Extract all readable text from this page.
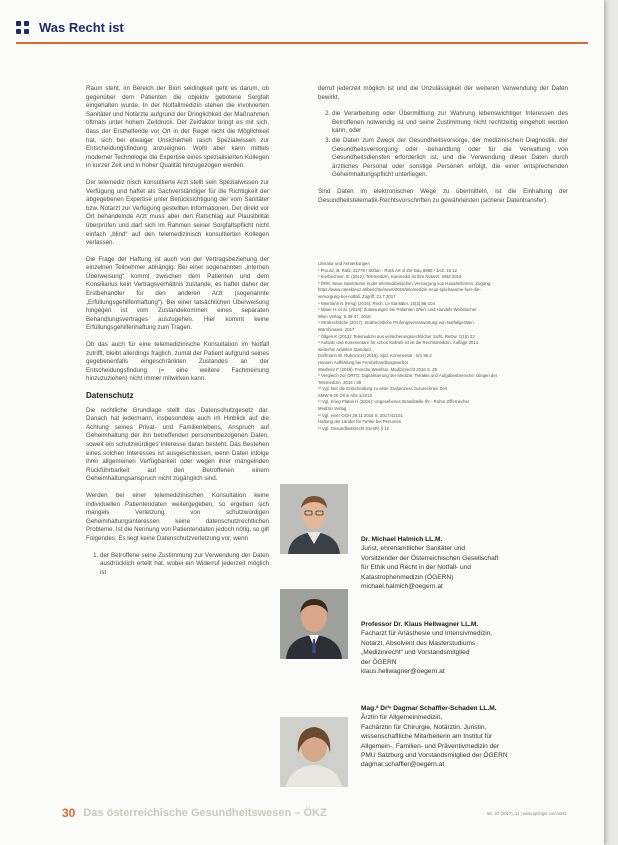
Was Recht ist

Raum steht, im Bereich der Bioh seidingkeit geht es darum, ob gegenüber dem Patienten die objektiv gebotene Sorgfalt eingehalten wurde. In der Notfallmedizin stehen die involvierten Sanitäter und Notärzte aufgrund der Dringlichkeit der Maßnahmen oftmals unter hohem Zeitdruck. Der Zeitfaktor bringt es mit sich, dass der Ersthelfende vor Ort in der Regel nicht die Möglichkeit hat, sich bei etwaiger Unsicherheit rasch Spezialwissen zur Entscheidungsfindung anzueignen. Wohl aber kann mittels moderner Technologie die Expertise eines spezialisierten Kollegen in kurzer Zeit und in hoher Qualität hinzugezogen werden.

Der telemediz nisch konsultierte Arzt stellt sein Spezialwissen zur Verfügung und haftet als Sachverständiger für die Richtigkeit der abgegebenen Expertise unter Berücksichtigung der vom Sanitäter bzw. Notarzt zur Verfügung gestellten Informationen. Der direkt vor Ort behandelnde Arzt muss aber den Ratschlag auf Plausibilität überprüfen und darf sich im Rahmen seiner Sorgfaltspflicht nicht einfach „blind“ auf den telemedizinisch konsultierten Kollegen verlassen.

Die Frage der Haftung ist auch von der Vertragsbeziehung der einzelnen Teilnehmer abhängig. Bei einer sogenannten „internen Überweisung“ kommt zwischen dem Patienten und dem Konsiliarius kein Vertragsverhältnis zustande, es haftet daher der Erstbehandler für den anderen Arzt (sogenannte „Erfüllungsgehilfenhaftung“). Bei einer tatsächlichen Überweisung hingegen ist vom Zustandekommen eines separaten Behandlungsvertrages auszugehen. Hier kommt keine Erfüllungsgehilfenhaftung zum Tragen.

Ob das auch für eine telemedizinische Konsultation im Notfall zutrifft, bleibt allerdings fraglich, zumal der Patient aufgrund seines gegebenenfalls eingeschränkten Zustandes an der Entscheidungsfindung (= eine weitere Fachmeinung hinzuzuziehen) nicht immer mitwirken kann.

Datenschutz

Die rechtliche Grundlage stellt das Datenschutzgesetz dar. Danach hat jedermann, insbesondere auch im Hinblick auf die Achtung seines Privat- und Familienlebens, Anspruch auf Geheimhaltung der ihn betreffenden personenbezogenen Daten, soweit ein schutzwürdiges Interesse daran besteht. Das Bestehen eines solchen Interesses ist ausgeschlossen, wenn Daten infolge ihrer allgemeinen Verfügbarkeit oder wegen ihrer mangelnden Rückführbarkeit auf den Betroffenen einem Geheimhaltungsanspruch nicht zugänglich sind.

Werden bei einer telemedizinischen Konsultation keine individuellen Patientendaten weitergegeben, so ergeben sich mangels Verletzung von schutzwürdigen Geheimhaltungsinteressen keine datenschutzrechtlichen Probleme. Ist die Nennung von Patientendaten jedoch nötig, so gilt Folgendes: Es liegt keine Datenschutzverletzung vor, wenn

1. der Betroffene seine Zustimmung zur Verwendung der Daten ausdrücklich erteilt hat, wobei ein Widerruf jederzeit möglich ist

derruf jederzeit möglich ist und die Unzulässigkeit der weiteren Verwendung der Daten bewirkt,

2. die Verarbeitung oder Übermittlung zur Wahrung lebenswichtiger Interessen des Betroffenen notwendig ist und seine Zustimmung nicht rechtzeitig eingeholt werden kann, oder
3. die Daten zum Zweck der Gesundheitsvorsorge, der medizinischen Diagnostik, der Gesundheitsversorgung oder -behandlung oder für die Verwaltung von Gesundheitsdiensten erforderlich ist, und die Verwendung dieser Daten durch ärztliches Personal oder sonstige Personen erfolgt, die einer entsprechenden Geheimhaltungspflicht unterliegen.

Sind Daten im elektronischen Wege zu übermitteln, ist die Einhaltung der Gesundheitstelematik-Rechtsvorschriften zu gewährleisten (sicherer Datentransfer).

Literatur und Anmerkungen
¹ Prousz, B. Rabl, 31779 / Stiftun - Rück Art ol Zer Bau 8980 / 3AZ. 16 12
² Kierbechner, B. (2012): Telemedizin, Kaemedol ist ihre Notarzt. SMZ 2016
³ ÖRK: Neue Spielräume in der telemedizinischen Versorgung von Hausärztinnen. Zugang:
https://www.roteskreuz.at/berichte/news/2016/telemedizin-neue-spielraeume-fuer-die-
versorgung-bei-notfall. Zugriff: 21.7.2017
⁴ Weimann N (Hrsg) (2016): Rech. Le Sanitäter. 15(2) 96-104
⁵ Maier H. et al. (2016): Zulassungen bei Patienten Wien- und Handels Werkbücher
Wien Verlag: S.38-47. 2016
⁶ Strafrechtliche (2017): Strafrechtliche Prüfungsverantwortung von Notfallgeräten.
Warnhinweis. 2017
⁷ Öllgen K (2013): Telemedizin aus versicherungsrechtlicher Sicht. ReDw. 1(15) 23
⁸ Aufsatz und Kommentare für schon Kallnek ist ist die Rechtsmedizin. Auflage 2014
weiterhin Arbeiten Standard.
Dorfmann W. Ruhnick H (2016). Spd. Kommentar - 8/1 96.2
Hansen Aufklärung bei Fernbehandlungsverbot
Weshner F (2016): Frosche Weishun. Medizinrecht 2016 S. 25
⁹ Vergleich zur ORTG: Digitalisierung der Medizin. Tetrakts und Aufgabenbereiche. Dingen der
Telemedizin. 2016 / 39
¹⁰ Vgl. hier die Entscheidung zu einer Zivilprozess zuzurechnen Zeit
SMW 9-20 Öll in Abs 1/2013
¹¹ Vgl. Krieg Platon H (2016): Ungesehenes Brandstelle Ihr - Rohre Ziffernecher
Medizin Verlag
¹² Vgl. einer OGH 29.11.2016 S. 2017/42101
Haftung der Länder für Fehler bei Personen.
¹³ Vgl. Gesundheitsrecht (GesR) § 12
Dr. Michael Halmich LL.M.
Jurist, ehrenamtlicher Sanitäter und
Vorsitzender der Österreichischen Gesellschaft
für Ethik und Recht in der Notfall- und
Katastrophenmedizin (ÖGERN)
michael.halmich@oegern.at
Professor Dr. Klaus Hellwagner LL.M.
Facharzt für Anästhesie und Intensivmedizin,
Notarzt, Absolvent des Masterstudiums
„Medizinrecht“ und Vorstandsmitglied
der ÖGERN
klaus.hellwagner@oegern.at
Mag.ª Drⁱⁿ Dagmar Schaffler-Schaden LL.M.
Ärztin für Allgemeinmedizin,
Fachärztin für Chirurgie, Notärztin, Juristin,
wissenschaftliche Mitarbeiterin am Institut für
Allgemein-, Familien- und Präventivmedizin der
PMU Salzburg und Vorstandsmitglied der ÖGERN
dagmar.schaffler@oegern.at
30 Das österreichische Gesundheitswesen – ÖKZ	58. JG (2017), 11 | www.springer.com/oekz
